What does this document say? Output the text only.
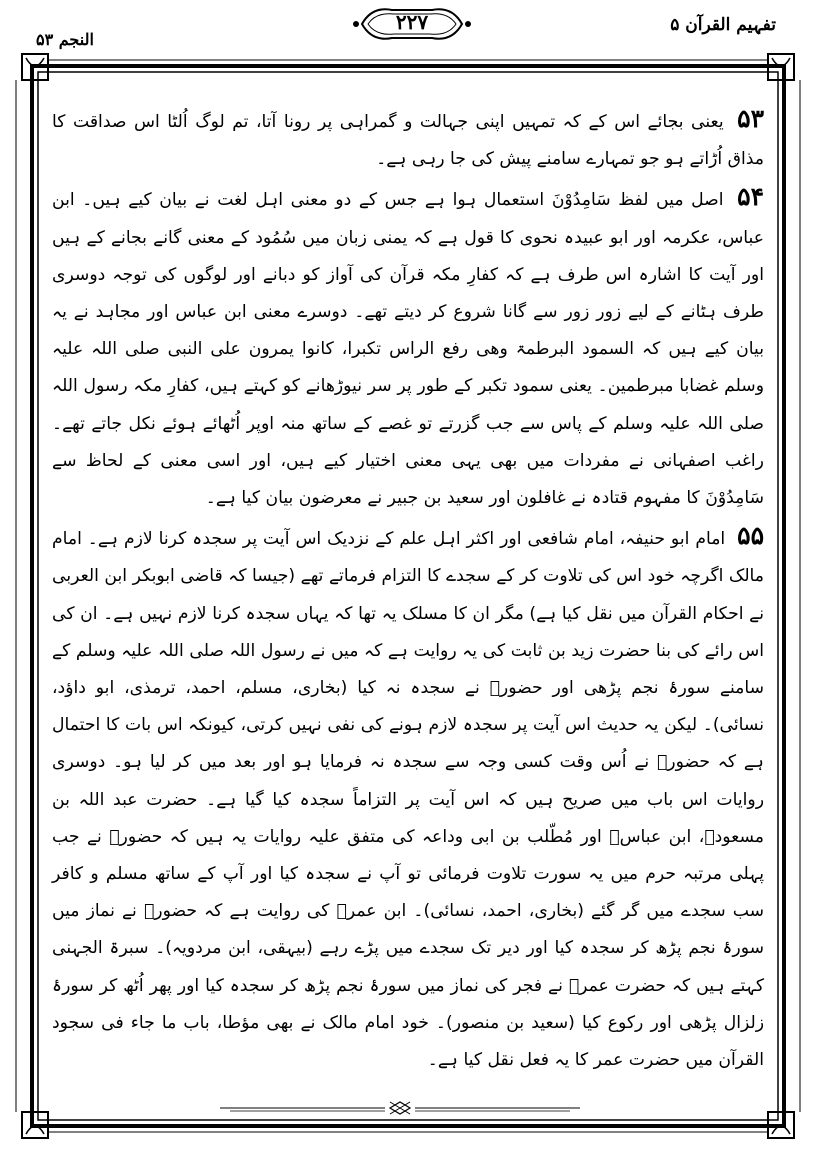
تفہیم القرآن ۵
۲۲۷
النجم ۵۳

۵۳ یعنی بجائے اس کے کہ تمہیں اپنی جہالت و گمراہی پر رونا آتا، تم لوگ اُلٹا اس صداقت کا مذاق اُڑاتے ہو جو تمہارے سامنے پیش کی جا رہی ہے۔

۵۴ اصل میں لفظ سَامِدُوْنَ استعمال ہوا ہے جس کے دو معنی اہل لغت نے بیان کیے ہیں۔ ابن عباس، عکرمہ اور ابو عبیدہ نحوی کا قول ہے کہ یمنی زبان میں سُمُود کے معنی گانے بجانے کے ہیں اور آیت کا اشارہ اس طرف ہے کہ کفارِ مکہ قرآن کی آواز کو دبانے اور لوگوں کی توجہ دوسری طرف ہٹانے کے لیے زور زور سے گانا شروع کر دیتے تھے۔ دوسرے معنی ابن عباس اور مجاہد نے یہ بیان کیے ہیں کہ السمود البرطمۃ وھی رفع الراس تکبرا، کانوا یمرون علی النبی صلی اللہ علیہ وسلم غضابا مبرطمین۔ یعنی سمود تکبر کے طور پر سر نیوڑھانے کو کہتے ہیں، کفارِ مکہ رسول اللہ صلی اللہ علیہ وسلم کے پاس سے جب گزرتے تو غصے کے ساتھ منہ اوپر اُٹھائے ہوئے نکل جاتے تھے۔ راغب اصفہانی نے مفردات میں بھی یہی معنی اختیار کیے ہیں، اور اسی معنی کے لحاظ سے سَامِدُوْنَ کا مفہوم قتادہ نے غافلون اور سعید بن جبیر نے معرضون بیان کیا ہے۔

۵۵ امام ابو حنیفہ، امام شافعی اور اکثر اہل علم کے نزدیک اس آیت پر سجدہ کرنا لازم ہے۔ امام مالک اگرچہ خود اس کی تلاوت کر کے سجدے کا التزام فرماتے تھے (جیسا کہ قاضی ابوبکر ابن العربی نے احکام القرآن میں نقل کیا ہے) مگر ان کا مسلک یہ تھا کہ یہاں سجدہ کرنا لازم نہیں ہے۔ ان کی اس رائے کی بنا حضرت زید بن ثابت کی یہ روایت ہے کہ میں نے رسول اللہ صلی اللہ علیہ وسلم کے سامنے سورۂ نجم پڑھی اور حضورؐ نے سجدہ نہ کیا (بخاری، مسلم، احمد، ترمذی، ابو داؤد، نسائی)۔ لیکن یہ حدیث اس آیت پر سجدہ لازم ہونے کی نفی نہیں کرتی، کیونکہ اس بات کا احتمال ہے کہ حضورؐ نے اُس وقت کسی وجہ سے سجدہ نہ فرمایا ہو اور بعد میں کر لیا ہو۔ دوسری روایات اس باب میں صریح ہیں کہ اس آیت پر التزاماً سجدہ کیا گیا ہے۔ حضرت عبد اللہ بن مسعودؓ، ابن عباسؓ اور مُطّلب بن ابی وداعہ کی متفق علیہ روایات یہ ہیں کہ حضورؐ نے جب پہلی مرتبہ حرم میں یہ سورت تلاوت فرمائی تو آپ نے سجدہ کیا اور آپ کے ساتھ مسلم و کافر سب سجدے میں گر گئے (بخاری، احمد، نسائی)۔ ابن عمرؓ کی روایت ہے کہ حضورؐ نے نماز میں سورۂ نجم پڑھ کر سجدہ کیا اور دیر تک سجدے میں پڑے رہے (بیہقی، ابن مردویہ)۔ سبرۃ الجہنی کہتے ہیں کہ حضرت عمرؓ نے فجر کی نماز میں سورۂ نجم پڑھ کر سجدہ کیا اور پھر اُٹھ کر سورۂ زلزال پڑھی اور رکوع کیا (سعید بن منصور)۔ خود امام مالک نے بھی مؤطا، باب ما جاء فی سجود القرآن میں حضرت عمر کا یہ فعل نقل کیا ہے۔
